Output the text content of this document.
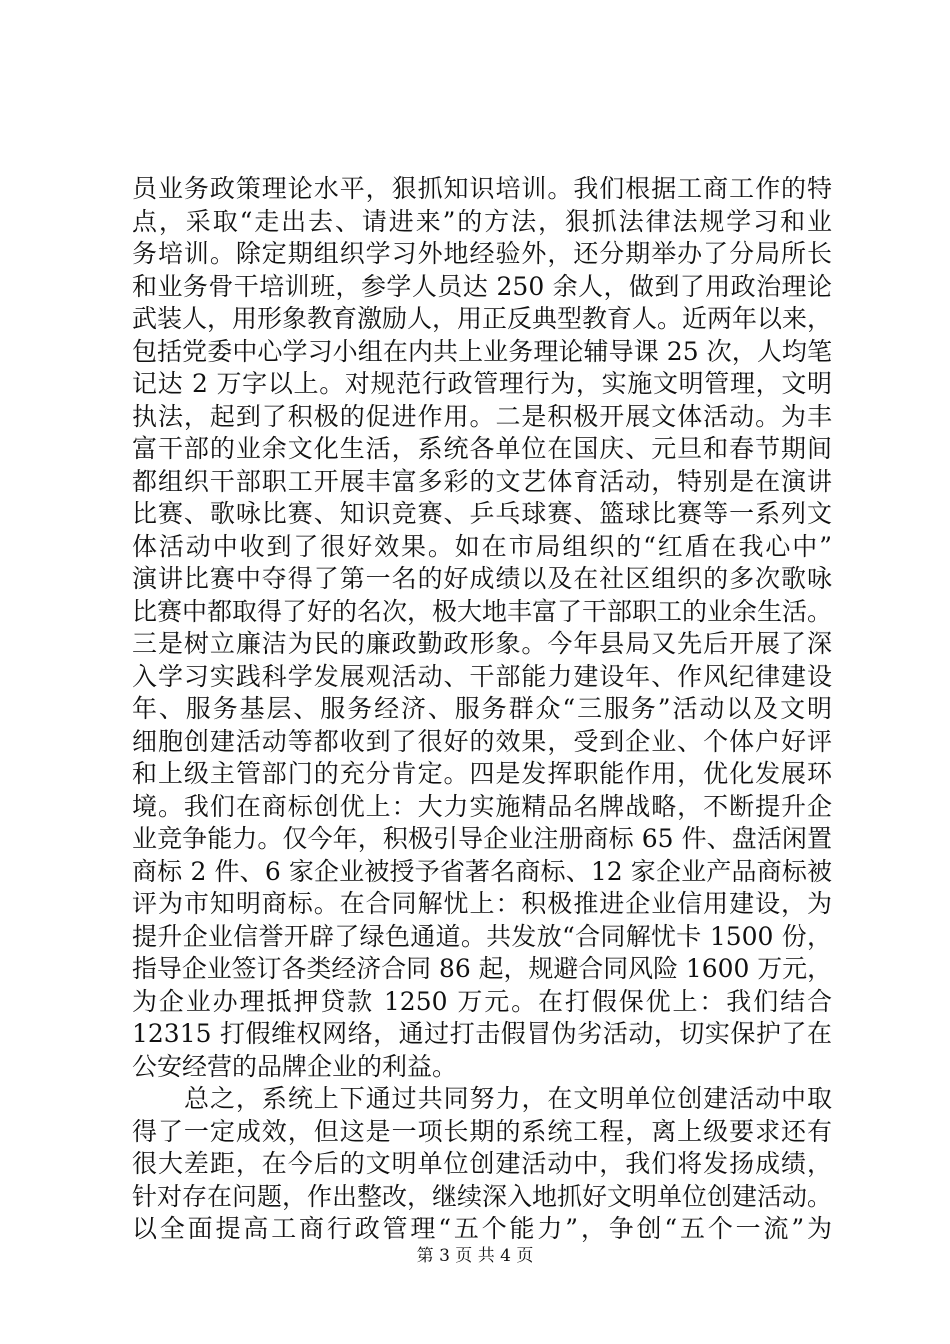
员业务政策理论水平，狠抓知识培训。我们根据工商工作的特
点，采取“走出去、请进来”的方法，狠抓法律法规学习和业
务培训。除定期组织学习外地经验外，还分期举办了分局所长
和业务骨干培训班，参学人员达 250 余人，做到了用政治理论
武装人，用形象教育激励人，用正反典型教育人。近两年以来，
包括党委中心学习小组在内共上业务理论辅导课 25 次，人均笔
记达 2 万字以上。对规范行政管理行为，实施文明管理，文明
执法，起到了积极的促进作用。二是积极开展文体活动。为丰
富干部的业余文化生活，系统各单位在国庆、元旦和春节期间
都组织干部职工开展丰富多彩的文艺体育活动，特别是在演讲
比赛、歌咏比赛、知识竞赛、乒乓球赛、篮球比赛等一系列文
体活动中收到了很好效果。如在市局组织的“红盾在我心中”
演讲比赛中夺得了第一名的好成绩以及在社区组织的多次歌咏
比赛中都取得了好的名次，极大地丰富了干部职工的业余生活。
三是树立廉洁为民的廉政勤政形象。今年县局又先后开展了深
入学习实践科学发展观活动、干部能力建设年、作风纪律建设
年、服务基层、服务经济、服务群众“三服务”活动以及文明
细胞创建活动等都收到了很好的效果，受到企业、个体户好评
和上级主管部门的充分肯定。四是发挥职能作用，优化发展环
境。我们在商标创优上：大力实施精品名牌战略，不断提升企
业竞争能力。仅今年，积极引导企业注册商标 65 件、盘活闲置
商标 2 件、6 家企业被授予省著名商标、12 家企业产品商标被
评为市知明商标。在合同解忧上：积极推进企业信用建设，为
提升企业信誉开辟了绿色通道。共发放“合同解忧卡 1500 份，
指导企业签订各类经济合同 86 起，规避合同风险 1600 万元，
为企业办理抵押贷款 1250 万元。在打假保优上：我们结合
12315 打假维权网络，通过打击假冒伪劣活动，切实保护了在
公安经营的品牌企业的利益。
总之，系统上下通过共同努力，在文明单位创建活动中取
得了一定成效，但这是一项长期的系统工程，离上级要求还有
很大差距，在今后的文明单位创建活动中，我们将发扬成绩，
针对存在问题，作出整改，继续深入地抓好文明单位创建活动。
以全面提高工商行政管理“五个能力”，争创“五个一流”为
第 3 页 共 4 页
